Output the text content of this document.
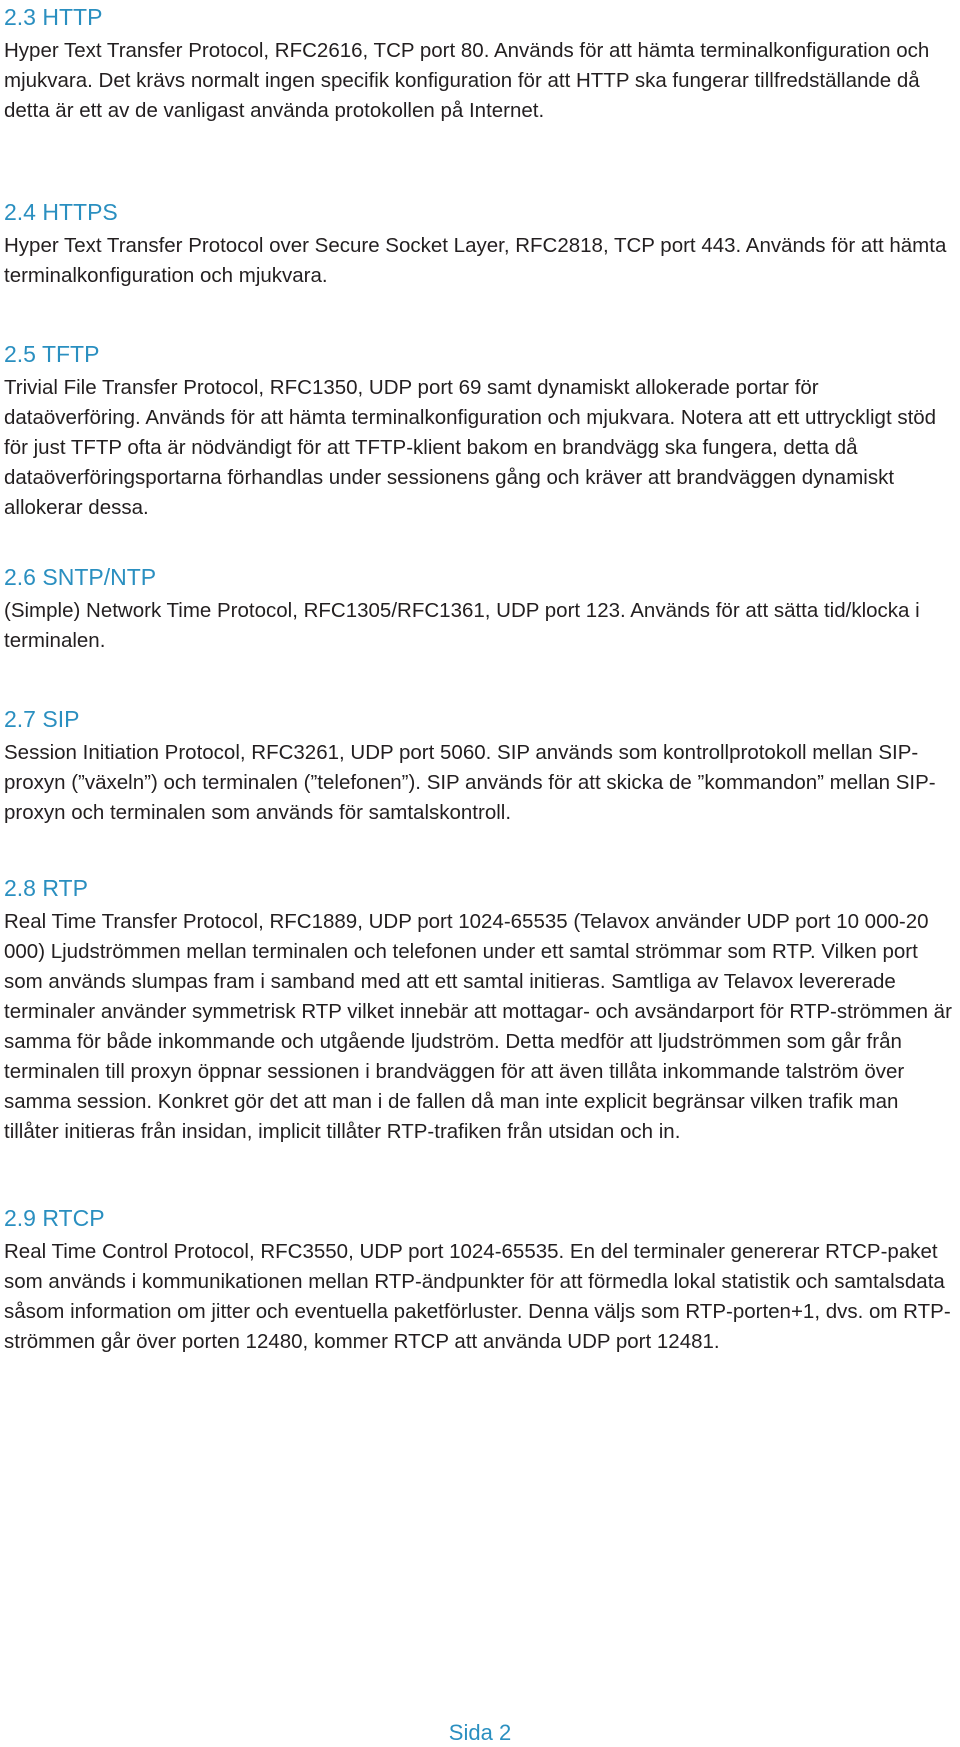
2.3 HTTP

Hyper Text Transfer Protocol, RFC2616, TCP port 80. Används för att hämta terminalkonfiguration och mjukvara. Det krävs normalt ingen specifik konfiguration för att HTTP ska fungerar tillfredställande då detta är ett av de vanligast använda protokollen på Internet.

2.4 HTTPS

Hyper Text Transfer Protocol over Secure Socket Layer, RFC2818, TCP port 443. Används för att hämta terminalkonfiguration och mjukvara.

2.5 TFTP

Trivial File Transfer Protocol, RFC1350, UDP port 69 samt dynamiskt allokerade portar för dataöverföring. Används för att hämta terminalkonfiguration och mjukvara. Notera att ett uttryckligt stöd för just TFTP ofta är nödvändigt för att TFTP-klient bakom en brandvägg ska fungera, detta då dataöverföringsportarna förhandlas under sessionens gång och kräver att brandväggen dynamiskt allokerar dessa.

2.6 SNTP/NTP

(Simple) Network Time Protocol, RFC1305/RFC1361, UDP port 123. Används för att sätta tid/klocka i terminalen.

2.7 SIP

Session Initiation Protocol, RFC3261, UDP port 5060. SIP används som kontrollprotokoll mellan SIP-proxyn (”växeln”) och terminalen (”telefonen”). SIP används för att skicka de ”kommandon” mellan SIP-proxyn och terminalen som används för samtalskontroll.

2.8 RTP

Real Time Transfer Protocol, RFC1889, UDP port 1024-65535 (Telavox använder UDP port 10 000-20 000) Ljudströmmen mellan terminalen och telefonen under ett samtal strömmar som RTP. Vilken port som används slumpas fram i samband med att ett samtal initieras. Samtliga av Telavox levererade terminaler använder symmetrisk RTP vilket innebär att mottagar- och avsändarport för RTP-strömmen är samma för både inkommande och utgående ljudström. Detta medför att ljudströmmen som går från terminalen till proxyn öppnar sessionen i brandväggen för att även tillåta inkommande talström över samma session. Konkret gör det att man i de fallen då man inte explicit begränsar vilken trafik man tillåter initieras från insidan, implicit tillåter RTP-trafiken från utsidan och in.

2.9 RTCP

Real Time Control Protocol, RFC3550, UDP port 1024-65535. En del terminaler genererar RTCP-paket som används i kommunikationen mellan RTP-ändpunkter för att förmedla lokal statistik och samtalsdata såsom information om jitter och eventuella paketförluster. Denna väljs som RTP-porten+1, dvs. om RTP-strömmen går över porten 12480, kommer RTCP att använda UDP port 12481.

Sida 2
